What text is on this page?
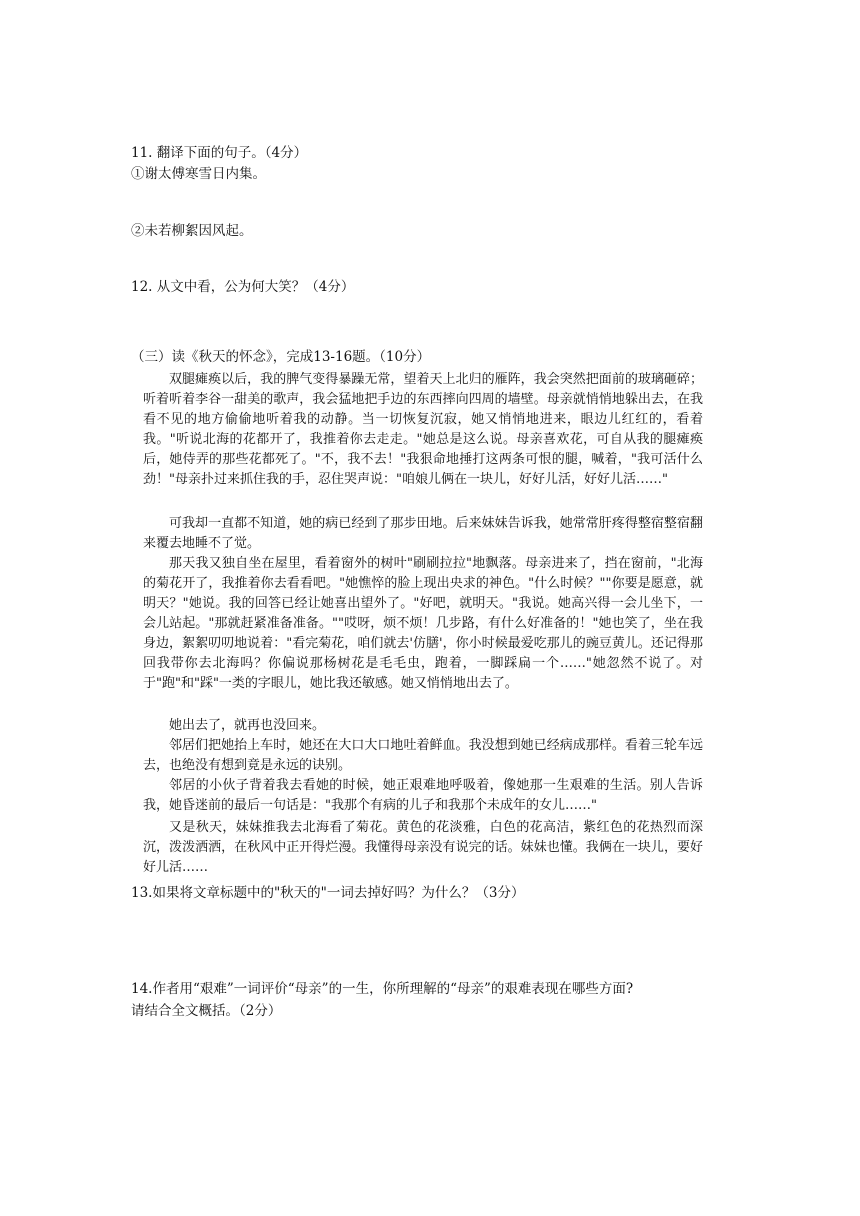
11. 翻译下面的句子。（4分）
①谢太傅寒雪日内集。
②未若柳絮因风起。
12. 从文中看，公为何大笑？（4分）
（三）读《秋天的怀念》，完成13-16题。（10分）
双腿瘫痪以后，我的脾气变得暴躁无常，望着天上北归的雁阵，我会突然把面前的玻璃砸碎；听着听着李谷一甜美的歌声，我会猛地把手边的东西摔向四周的墙壁。母亲就悄悄地躲出去，在我看不见的地方偷偷地听着我的动静。当一切恢复沉寂，她又悄悄地进来，眼边儿红红的，看着我。"听说北海的花都开了，我推着你去走走。"她总是这么说。母亲喜欢花，可自从我的腿瘫痪后，她侍弄的那些花都死了。"不，我不去！"我狠命地捶打这两条可恨的腿，喊着，"我可活什么劲！"母亲扑过来抓住我的手，忍住哭声说："咱娘儿俩在一块儿，好好儿活，好好儿活……"
可我却一直都不知道，她的病已经到了那步田地。后来妹妹告诉我，她常常肝疼得整宿整宿翻来覆去地睡不了觉。
那天我又独自坐在屋里，看着窗外的树叶"刷刷拉拉"地飘落。母亲进来了，挡在窗前，"北海的菊花开了，我推着你去看看吧。"她憔悴的脸上现出央求的神色。"什么时候？""你要是愿意，就明天？"她说。我的回答已经让她喜出望外了。"好吧，就明天。"我说。她高兴得一会儿坐下，一会儿站起。"那就赶紧准备准备。""哎呀，烦不烦！几步路，有什么好准备的！"她也笑了，坐在我身边，絮絮叨叨地说着："看完菊花，咱们就去'仿膳'，你小时候最爱吃那儿的豌豆黄儿。还记得那回我带你去北海吗？你偏说那杨树花是毛毛虫，跑着，一脚踩扁一个……"她忽然不说了。对于"跑"和"踩"一类的字眼儿，她比我还敏感。她又悄悄地出去了。
她出去了，就再也没回来。
邻居们把她抬上车时，她还在大口大口地吐着鲜血。我没想到她已经病成那样。看着三轮车远去，也绝没有想到竟是永远的诀别。
邻居的小伙子背着我去看她的时候，她正艰难地呼吸着，像她那一生艰难的生活。别人告诉我，她昏迷前的最后一句话是："我那个有病的儿子和我那个未成年的女儿……"
又是秋天，妹妹推我去北海看了菊花。黄色的花淡雅，白色的花高洁，紫红色的花热烈而深沉，泼泼洒洒，在秋风中正开得烂漫。我懂得母亲没有说完的话。妹妹也懂。我俩在一块儿，要好好儿活……
13.如果将文章标题中的"秋天的"一词去掉好吗？为什么？（3分）
14.作者用“艰难”一词评价“母亲”的一生，你所理解的“母亲”的艰难表现在哪些方面?
请结合全文概括。（2分）
